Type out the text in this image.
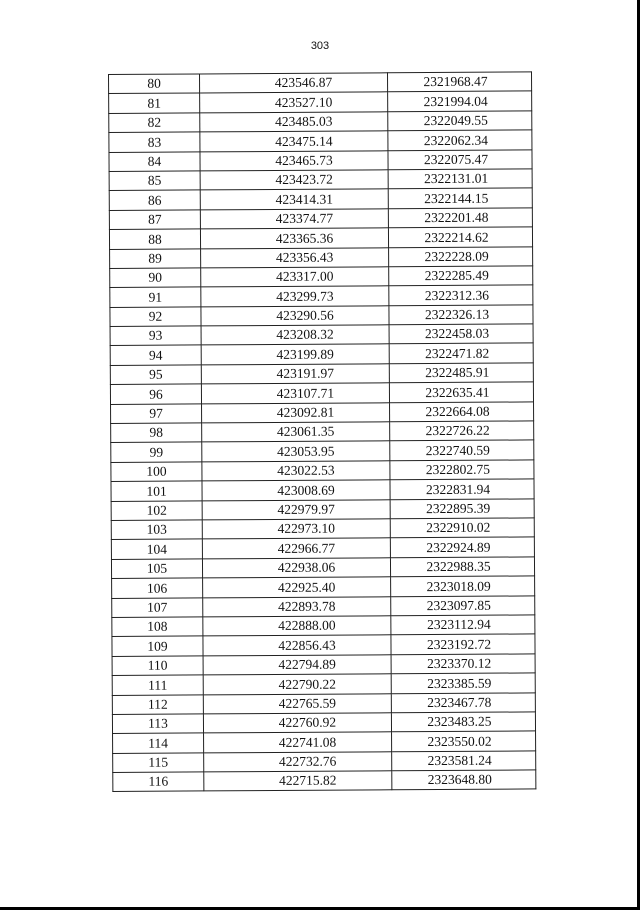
303
80	423546.87	2321968.47
81	423527.10	2321994.04
82	423485.03	2322049.55
83	423475.14	2322062.34
84	423465.73	2322075.47
85	423423.72	2322131.01
86	423414.31	2322144.15
87	423374.77	2322201.48
88	423365.36	2322214.62
89	423356.43	2322228.09
90	423317.00	2322285.49
91	423299.73	2322312.36
92	423290.56	2322326.13
93	423208.32	2322458.03
94	423199.89	2322471.82
95	423191.97	2322485.91
96	423107.71	2322635.41
97	423092.81	2322664.08
98	423061.35	2322726.22
99	423053.95	2322740.59
100	423022.53	2322802.75
101	423008.69	2322831.94
102	422979.97	2322895.39
103	422973.10	2322910.02
104	422966.77	2322924.89
105	422938.06	2322988.35
106	422925.40	2323018.09
107	422893.78	2323097.85
108	422888.00	2323112.94
109	422856.43	2323192.72
110	422794.89	2323370.12
111	422790.22	2323385.59
112	422765.59	2323467.78
113	422760.92	2323483.25
114	422741.08	2323550.02
115	422732.76	2323581.24
116	422715.82	2323648.80
